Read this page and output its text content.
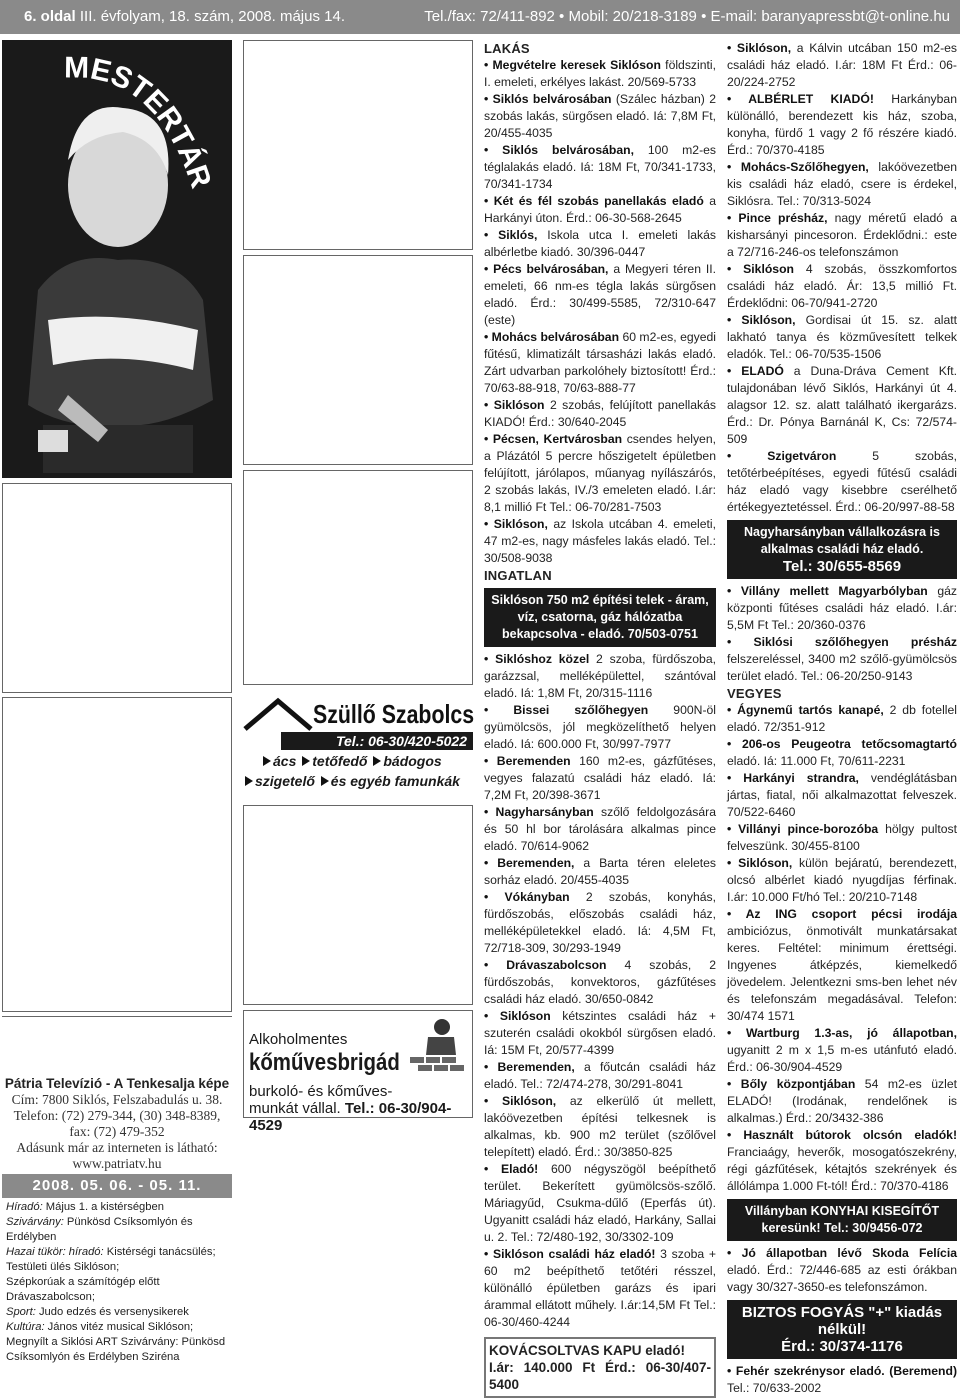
6. oldal III. évfolyam, 18. szám, 2008. május 14.	Tel./fax: 72/411-892 • Mobil: 20/218-3189 • E-mail: baranyapressbt@t-online.hu
MESTERTÁR
Pátria Televízió - A Tenkesalja képe
Cím: 7800 Siklós, Felszabadulás u. 38.
Telefon: (72) 279-344, (30) 348-8389,
fax: (72) 479-352
Adásunk már az interneten is látható:
www.patriatv.hu
2008. 05. 06. - 05. 11.
Híradó: Május 1. a kistérségben
Szivárvány: Pünkösd Csíksomlyón és Erdélyben
Hazai tükör: híradó: Kistérségi tanácsülés;
Testületi ülés Siklóson;
Szépkorúak a számítógép előtt Drávaszabolcson;
Sport: Judo edzés és versenysikerek
Kultúra: János vitéz musical Siklóson;
Megnyílt a Siklósi ART Szivárvány: Pünkösd
Csíksomlyón és Erdélyben Sziréna
Szüllő Szabolcs
Tel.: 06-30/420-5022
ács tetőfedő bádogos
szigetelő és egyéb famunkák
Alkoholmentes
kőművesbrigád
burkoló- és kőműves-
munkát vállal. Tel.: 06-30/904-4529

LAKÁS

• Megvételre keresek Siklóson földszinti, I. emeleti, erkélyes lakást. 20/569-5733

• Siklós belvárosában (Szálec házban) 2 szobás lakás, sürgősen eladó. Iá: 7,8M Ft, 20/455-4035

• Siklós belvárosában, 100 m2-es téglalakás eladó. Iá: 18M Ft, 70/341-1733, 70/341-1734

• Két és fél szobás panellakás eladó a Harkányi úton. Érd.: 06-30-568-2645

• Siklós, Iskola utca I. emeleti lakás albérletbe kiadó. 30/396-0447

• Pécs belvárosában, a Megyeri téren II. emeleti, 66 nm-es tégla lakás sürgősen eladó. Érd.: 30/499-5585, 72/310-647 (este)

• Mohács belvárosában 60 m2-es, egyedi fűtésű, klimatizált társasházi lakás eladó. Zárt udvarban parkolóhely biztosított! Érd.: 70/63-88-918, 70/63-888-77

• Siklóson 2 szobás, felújított panellakás KIADÓ! Érd.: 30/640-2045

• Pécsen, Kertvárosban csendes helyen, a Plázától 5 percre hőszigetelt épületben felújított, járólapos, műanyag nyílászárós, 2 szobás lakás, IV./3 emeleten eladó. I.ár: 8,1 millió Ft Tel.: 06-70/281-7503

• Siklóson, az Iskola utcában 4. emeleti, 47 m2-es, nagy másfeles lakás eladó. Tel.: 30/508-9038

INGATLAN

Siklóson 750 m2 építési telek - áram, víz, csatorna, gáz hálózatba bekapcsolva - eladó. 70/503-0751

• Siklóshoz közel 2 szoba, fürdőszoba, garázzsal, melléképülettel, szántóval eladó. Iá: 1,8M Ft, 20/315-1116

• Bissei szőlőhegyen 900N-öl gyümölcsös, jól megközelíthető helyen eladó. Iá: 600.000 Ft, 30/997-7977

• Beremenden 160 m2-es, gázfűtéses, vegyes falazatú családi ház eladó. Iá: 7,2M Ft, 20/398-3671

• Nagyharsányban szőlő feldolgozására és 50 hl bor tárolására alkalmas pince eladó. 70/614-9062

• Beremenden, a Barta téren eleletes sorház eladó. 20/455-4035

• Vókányban 2 szobás, konyhás, fürdőszobás, előszobás családi ház, melléképületekkel eladó. Iá: 4,5M Ft, 72/718-309, 30/293-1949

• Drávaszabolcson 4 szobás, 2 fürdőszobás, konvektoros, gázfűtéses családi ház eladó. 30/650-0842

• Siklóson kétszintes családi ház + szuterén családi okokból sürgősen eladó. Iá: 15M Ft, 20/577-4399

• Beremenden, a főutcán családi ház eladó. Tel.: 72/474-278, 30/291-8041

• Siklóson, az elkerülő út mellett, lakóövezetben építési telkesnek is alkalmas, kb. 900 m2 terület (szőlővel telepített) eladó. Érd.: 30/3850-825

• Eladó! 600 négyszögöl beépíthető terület. Bekerített gyümölcsös-szőlő. Máriagyűd, Csukma-dűlő (Eperfás út). Ugyanitt családi ház eladó, Harkány, Sallai u. 2. Tel.: 72/480-192, 30/3302-109

• Siklóson családi ház eladó! 3 szoba + 60 m2 beépíthető tetőtéri résszel, különálló épületben garázs és ipari árammal ellátott műhely. I.ár:14,5M Ft Tel.: 06-30/460-4244

KOVÁCSOLTVAS KAPU eladó!
I.ár: 140.000 Ft Érd.: 06-30/407-5400

• Siklóson, a Kálvin utcában 150 m2-es családi ház eladó. I.ár: 18M Ft Érd.: 06-20/224-2752

• ALBÉRLET KIADÓ! Harkányban különálló, berendezett kis ház, szoba, konyha, fürdő 1 vagy 2 fő részére kiadó. Érd.: 70/370-4185

• Mohács-Szőlőhegyen, lakóövezetben kis családi ház eladó, csere is érdekel, Siklósra. Tel.: 70/313-5024

• Pince présház, nagy méretű eladó a kisharsányi pincesoron. Érdeklődni.: este a 72/716-246-os telefonszámon

• Siklóson 4 szobás, összkomfortos családi ház eladó. Ár: 13,5 millió Ft. Érdeklődni: 06-70/941-2720

• Siklóson, Gordisai út 15. sz. alatt lakható tanya és közművesített telkek eladók. Tel.: 06-70/535-1506

• ELADÓ a Duna-Dráva Cement Kft. tulajdonában lévő Siklós, Harkányi út 4. alagsor 12. sz. alatt található ikergarázs. Érd.: Dr. Pónya Barnánál K, Cs: 72/574-509

• Szigetváron 5 szobás, tetőtérbeépítéses, egyedi fűtésű családi ház eladó vagy kisebbre cserélhető értékegyeztetéssel. Érd.: 06-20/997-88-58

Nagyharsányban vállalkozásra is alkalmas családi ház eladó.
Tel.: 30/655-8569

• Villány mellett Magyarbólyban gáz központi fűtéses családi ház eladó. I.ár: 5,5M Ft Tel.: 20/360-0376

• Siklósi szőlőhegyen présház felszereléssel, 3400 m2 szőlő-gyümölcsös terület eladó. Tel.: 06-20/250-9143

VEGYES

• Ágynemű tartós kanapé, 2 db fotellel eladó. 72/351-912

• 206-os Peugeotra tetőcsomagtartó eladó. Iá: 11.000 Ft, 70/611-2231

• Harkányi strandra, vendéglátásban jártas, fiatal, női alkalmazottat felveszek. 70/522-6460

• Villányi pince-borozóba hölgy pultost felveszünk. 30/455-8100

• Siklóson, külön bejáratú, berendezett, olcsó albérlet kiadó nyugdíjas férfinak. I.ár: 10.000 Ft/hó Tel.: 20/210-7148

• Az ING csoport pécsi irodája ambiciózus, önmotivált munkatársakat keres. Feltétel: minimum érettségi. Ingyenes átképzés, kiemelkedő jövedelem. Jelentkezni sms-ben lehet név és telefonszám megadásával. Telefon: 30/474 1571

• Wartburg 1.3-as, jó állapotban, ugyanitt 2 m x 1,5 m-es utánfutó eladó. Érd.: 06-30/904-4529

• Bőly központjában 54 m2-es üzlet ELADÓ! (Irodának, rendelőnek is alkalmas.) Érd.: 20/3432-386

• Használt bútorok olcsón eladók! Franciaágy, heverők, mosogatószekrény, régi gázfűtések, kétajtós szekrények és állólámpa 1.000 Ft-tól! Érd.: 70/370-4186

Villányban KONYHAI KISEGÍTŐT
keresünk! Tel.: 30/9456-072

• Jó állapotban lévő Skoda Felícia eladó. Érd.: 72/446-685 az esti órákban vagy 30/327-3650-es telefonszámon.

BIZTOS FOGYÁS "+" kiadás nélkül!
Érd.: 30/374-1176

• Fehér szekrénysor eladó. (Beremend) Tel.: 70/633-2002
